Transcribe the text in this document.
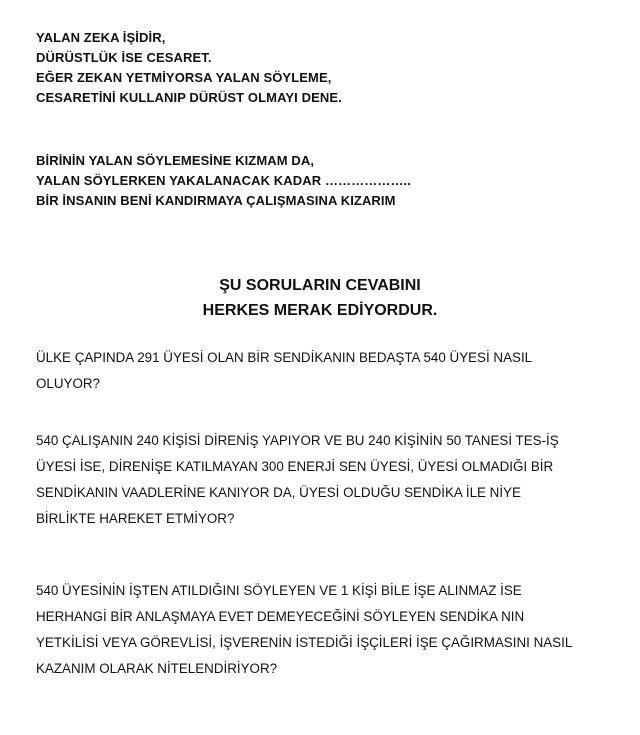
YALAN ZEKA İŞİDİR,
DÜRÜSTLÜK İSE CESARET.
EĞER ZEKAN YETMİYORSA YALAN SÖYLEME,
CESARETİNİ KULLANIP DÜRÜST OLMAYI DENE.
BİRİNİN YALAN SÖYLEMESİNE KIZMAM DA,
YALAN SÖYLERKEN YAKALANACAK KADAR ………………..
BİR İNSANIN BENİ KANDIRMAYA ÇALIŞMASINA KIZARIM
ŞU SORULARIN CEVABINI
HERKES MERAK EDİYORDUR.
ÜLKE ÇAPINDA 291 ÜYESİ OLAN BİR SENDİKANIN BEDAŞTA 540 ÜYESİ NASIL
OLUYOR?
540 ÇALIŞANIN 240 KİŞİSİ DİRENİŞ YAPIYOR VE BU 240 KİŞİNİN 50 TANESİ TES-İŞ
ÜYESİ İSE, DİRENİŞE KATILMAYAN 300 ENERJİ SEN ÜYESİ, ÜYESİ OLMADIĞI BİR
SENDİKANIN VAADLERİNE KANIYOR DA, ÜYESİ OLDUĞU SENDİKA İLE NİYE
BİRLİKTE HAREKET ETMİYOR?
540 ÜYESİNİN İŞTEN ATILDIĞINI SÖYLEYEN VE 1 KİŞİ BİLE İŞE ALINMAZ İSE
HERHANGİ BİR ANLAŞMAYA EVET DEMEYECEĞİNİ SÖYLEYEN SENDİKA NIN
YETKİLİSİ VEYA GÖREVLİSİ, İŞVERENİN İSTEDİĞİ İŞÇİLERİ İŞE ÇAĞIRMASINI NASIL
KAZANIM OLARAK NİTELENDİRİYOR?
